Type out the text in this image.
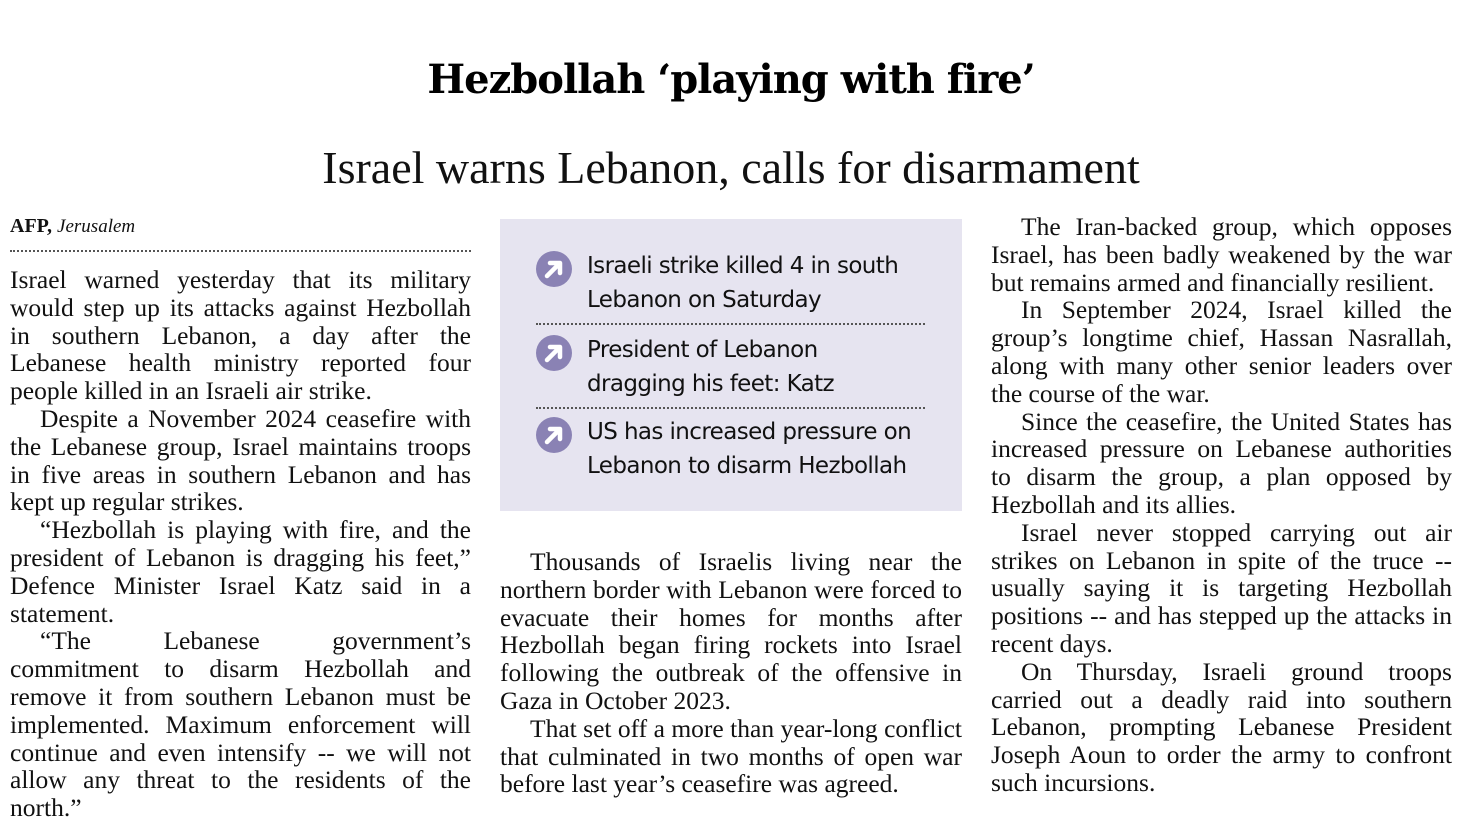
Hezbollah ‘playing with fire’
Israel warns Lebanon, calls for disarmament
AFP, Jerusalem

Israel warned yesterday that its military would step up its attacks against Hezbollah in southern Lebanon, a day after the Lebanese health ministry reported four people killed in an Israeli air strike.

Despite a November 2024 ceasefire with the Lebanese group, Israel maintains troops in five areas in southern Lebanon and has kept up regular strikes.

“Hezbollah is playing with fire, and the president of Lebanon is dragging his feet,” Defence Minister Israel Katz said in a statement.

“The Lebanese government’s commitment to disarm Hezbollah and remove it from southern Lebanon must be implemented. Maximum enforcement will continue and even intensify -- we will not allow any threat to the residents of the north.”

Israeli strike killed 4 in south Lebanon on Saturday
President of Lebanon dragging his feet: Katz
US has increased pressure on Lebanon to disarm Hezbollah

Thousands of Israelis living near the northern border with Lebanon were forced to evacuate their homes for months after Hezbollah began firing rockets into Israel following the outbreak of the offensive in Gaza in October 2023.

That set off a more than year-long conflict that culminated in two months of open war before last year’s ceasefire was agreed.

The Iran-backed group, which opposes Israel, has been badly weakened by the war but remains armed and financially resilient.

In September 2024, Israel killed the group’s longtime chief, Hassan Nasrallah, along with many other senior leaders over the course of the war.

Since the ceasefire, the United States has increased pressure on Lebanese authorities to disarm the group, a plan opposed by Hezbollah and its allies.

Israel never stopped carrying out air strikes on Lebanon in spite of the truce -- usually saying it is targeting Hezbollah positions -- and has stepped up the attacks in recent days.

On Thursday, Israeli ground troops carried out a deadly raid into southern Lebanon, prompting Lebanese President Joseph Aoun to order the army to confront such incursions.
